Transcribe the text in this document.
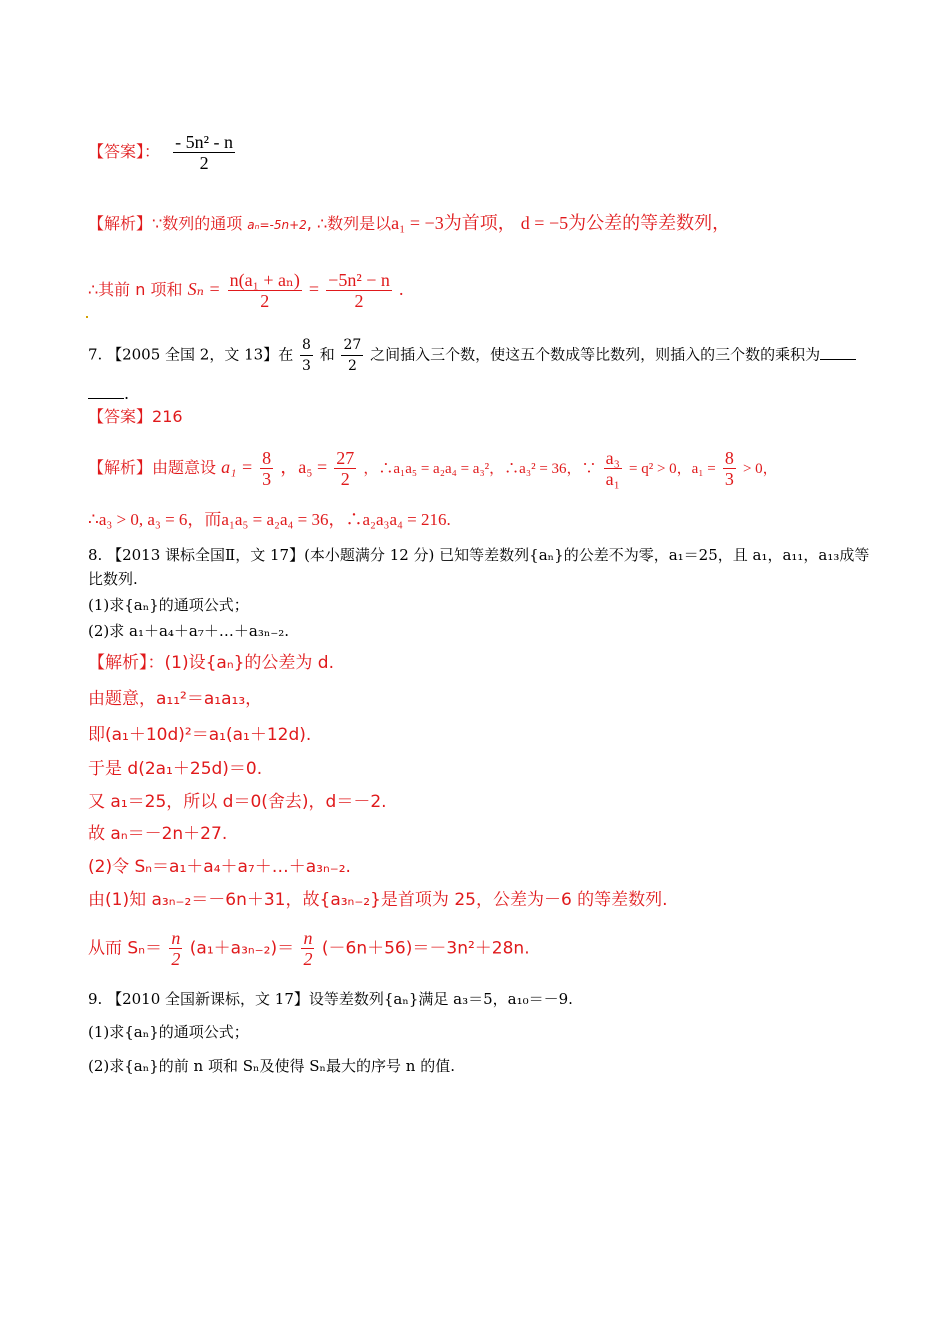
【答案】： $\frac{\text{- 5n² - n}}{2}$
【解析】∵数列的通项 aₙ=-5n+2, ∴数列是以a₁ = −3为首项， d = −5为公差的等差数列，
∴其前 n 项和 $S_n = \frac{\text{n(a₁ + aₙ)}}{2} = \frac{\text{−5n² − n}}{2}$ .
7. 【2005 全国 2，文 13】在 $\frac{8}{3}$ 和 $\frac{27}{2}$ 之间插入三个数，使这五个数成等比数列，则插入的三个数的乘积为
.
【答案】216
【解析】由题意设 $a_1 = \frac{8}{3}$ ，$a_5 = \frac{27}{2}$ ，∴a₁a₅ = a₂a₄ = a₃²，∴a₃² = 36，∵ $\frac{\text{a₃}}{\text{a₁}} = q^2 > 0$，$a_1 = \frac{8}{3} > 0$，
∴a₃ > 0, a₃ = 6，而a₁a₅ = a₂a₄ = 36，∴a₂a₃a₄ = 216.
8. 【2013 课标全国Ⅱ，文 17】(本小题满分 12 分) 已知等差数列{aₙ}的公差不为零，a₁＝25，且 a₁，a₁₁，a₁₃成等
比数列.
(1)求{aₙ}的通项公式；
(2)求 a₁＋a₄＋a₇＋…＋a₃ₙ₋₂.
【解析】：(1)设{aₙ}的公差为 d.
由题意，a₁₁²＝a₁a₁₃，
即(a₁＋10d)²＝a₁(a₁＋12d).
于是 d(2a₁＋25d)＝0.
又 a₁＝25，所以 d＝0(舍去)，d＝－2.
故 aₙ＝－2n＋27.
(2)令 Sₙ＝a₁＋a₄＋a₇＋…＋a₃ₙ₋₂.
由(1)知 a₃ₙ₋₂＝－6n＋31，故{a₃ₙ₋₂}是首项为 25，公差为－6 的等差数列.
从而 $S_n= \frac{n}{2} (a_1+a_{3n-2})= \frac{n}{2} (-6n+56)=-3n^2+28n$.
9. 【2010 全国新课标，文 17】设等差数列{aₙ}满足 a₃＝5，a₁₀＝－9.
(1)求{aₙ}的通项公式；
(2)求{aₙ}的前 n 项和 Sₙ及使得 Sₙ最大的序号 n 的值.
